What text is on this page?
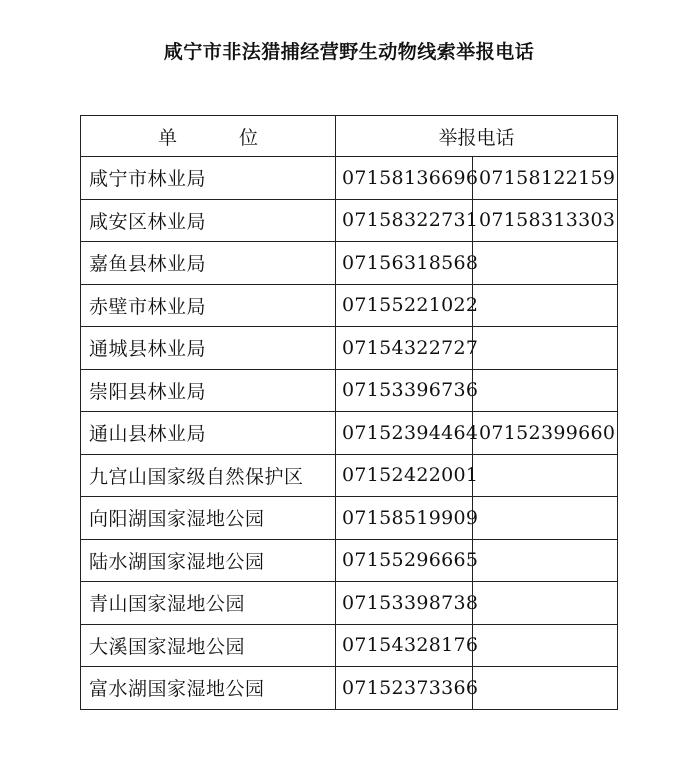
咸宁市非法猎捕经营野生动物线索举报电话
单 位	举报电话	
咸宁市林业局	07158136696	07158122159
咸安区林业局	07158322731	07158313303
嘉鱼县林业局	07156318568	
赤壁市林业局	07155221022	
通城县林业局	07154322727	
崇阳县林业局	07153396736	
通山县林业局	07152394464	07152399660
九宫山国家级自然保护区	07152422001	
向阳湖国家湿地公园	07158519909	
陆水湖国家湿地公园	07155296665	
青山国家湿地公园	07153398738	
大溪国家湿地公园	07154328176	
富水湖国家湿地公园	07152373366	
